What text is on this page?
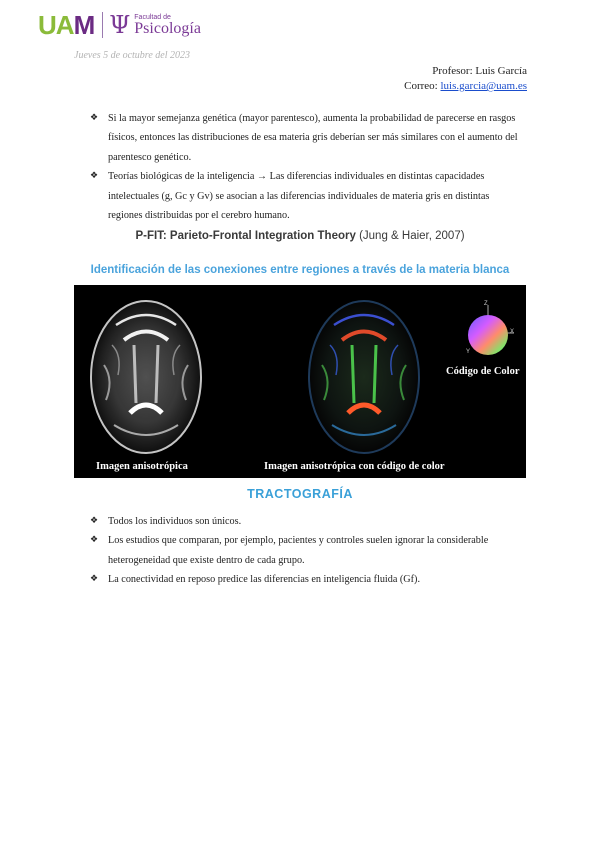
UAM Ψ Facultad de
Psicología
Jueves 5 de octubre del 2023
Profesor: Luis García
Correo: luis.garcia@uam.es
❖ Si la mayor semejanza genética (mayor parentesco), aumenta la probabilidad de parecerse en rasgos físicos, entonces las distribuciones de esa materia gris deberían ser más similares con el aumento del parentesco genético.
❖ Teorías biológicas de la inteligencia → Las diferencias individuales en distintas capacidades intelectuales (g, Gc y Gv) se asocian a las diferencias individuales de materia gris en distintas regiones distribuidas por el cerebro humano.
P-FIT: Parieto-Frontal Integration Theory (Jung & Haier, 2007)
Identificación de las conexiones entre regiones a través de la materia blanca
Z
X
Y
Imagen anisotrópica	Imagen anisotrópica con código de color
Código de Color
TRACTOGRAFÍA
❖ Todos los individuos son únicos.
❖ Los estudios que comparan, por ejemplo, pacientes y controles suelen ignorar la considerable heterogeneidad que existe dentro de cada grupo.
❖ La conectividad en reposo predice las diferencias en inteligencia fluida (Gf).
